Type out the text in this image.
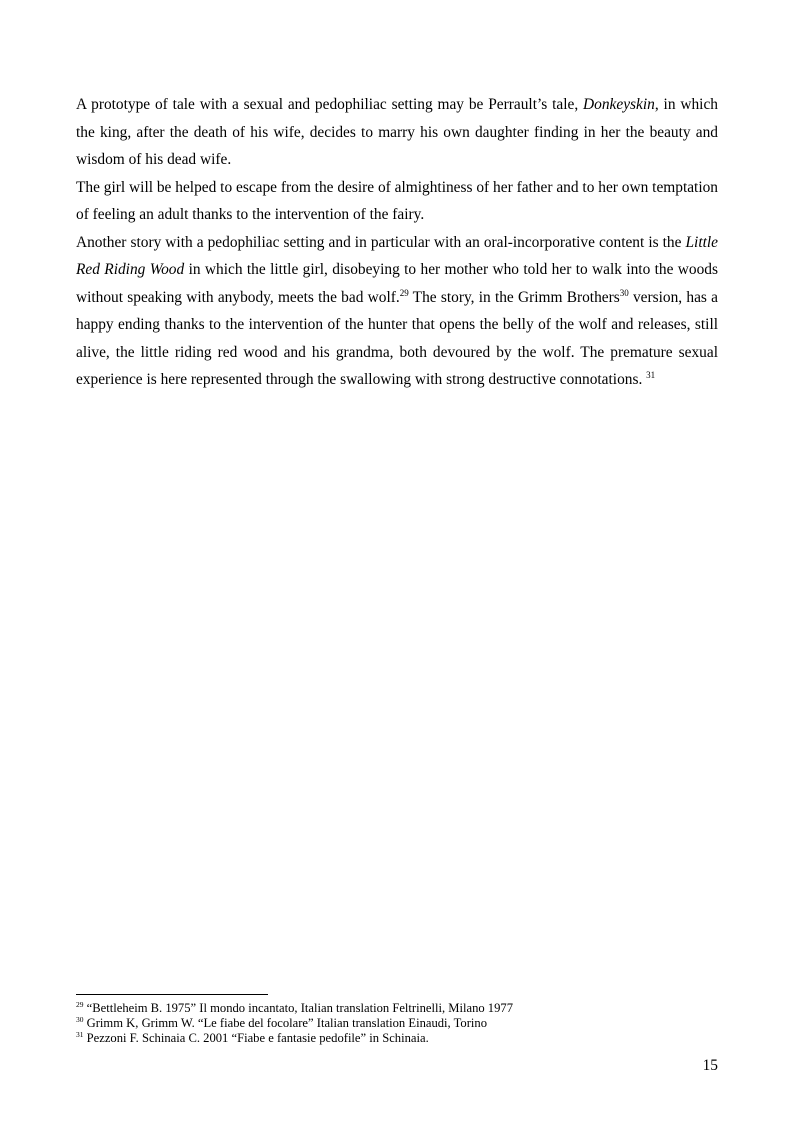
A prototype of tale with a sexual and pedophiliac setting may be Perrault’s tale, Donkeyskin, in which the king, after the death of his wife, decides to marry his own daughter finding in her the beauty and wisdom of his dead wife.

The girl will be helped to escape from the desire of almightiness of her father and to her own temptation of feeling an adult thanks to the intervention of the fairy.

Another story with a pedophiliac setting and in particular with an oral-incorporative content is the Little Red Riding Wood in which the little girl, disobeying to her mother who told her to walk into the woods without speaking with anybody, meets the bad wolf.$^{29}$ The story, in the Grimm Brothers$^{30}$ version, has a happy ending thanks to the intervention of the hunter that opens the belly of the wolf and releases, still alive, the little riding red wood and his grandma, both devoured by the wolf. The premature sexual experience is here represented through the swallowing with strong destructive connotations. $^{31}$

$^{29}$ “Bettleheim B. 1975” Il mondo incantato, Italian translation Feltrinelli, Milano 1977

$^{30}$ Grimm K, Grimm W. “Le fiabe del focolare” Italian translation Einaudi, Torino

$^{31}$ Pezzoni F. Schinaia C. 2001 “Fiabe e fantasie pedofile” in Schinaia.

15
